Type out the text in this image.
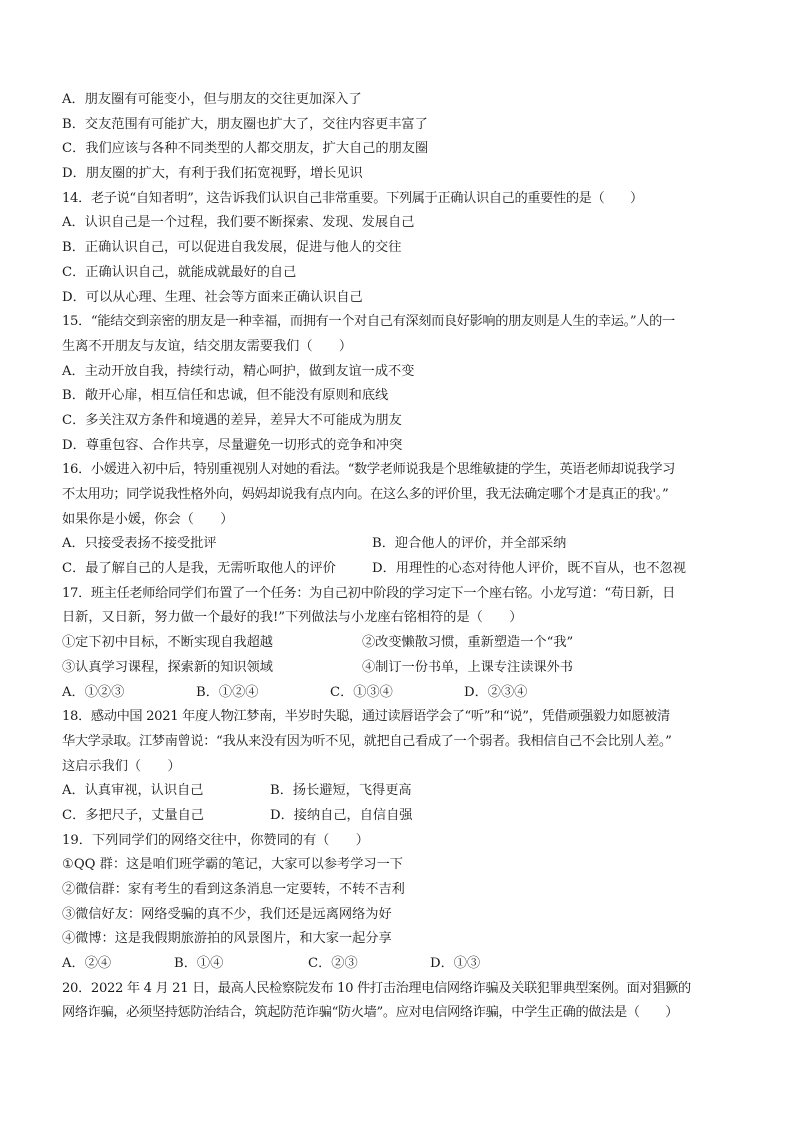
A．朋友圈有可能变小，但与朋友的交往更加深入了
B．交友范围有可能扩大，朋友圈也扩大了，交往内容更丰富了
C．我们应该与各种不同类型的人都交朋友，扩大自己的朋友圈
D．朋友圈的扩大，有利于我们拓宽视野，增长见识
14．老子说“自知者明”，这告诉我们认识自己非常重要。下列属于正确认识自己的重要性的是（　　）
A．认识自己是一个过程，我们要不断探索、发现、发展自己
B．正确认识自己，可以促进自我发展，促进与他人的交往
C．正确认识自己，就能成就最好的自己
D．可以从心理、生理、社会等方面来正确认识自己
15．“能结交到亲密的朋友是一种幸福，而拥有一个对自己有深刻而良好影响的朋友则是人生的幸运。”人的一
生离不开朋友与友谊，结交朋友需要我们（　　）
A．主动开放自我，持续行动，精心呵护，做到友谊一成不变
B．敞开心扉，相互信任和忠诚，但不能没有原则和底线
C．多关注双方条件和境遇的差异，差异大不可能成为朋友
D．尊重包容、合作共享，尽量避免一切形式的竞争和冲突
16．小媛进入初中后，特别重视别人对她的看法。“数学老师说我是个思维敏捷的学生，英语老师却说我学习
不太用功；同学说我性格外向，妈妈却说我有点内向。在这么多的评价里，我无法确定哪个才是真正的我'。”
如果你是小媛，你会（　　）
A．只接受表扬不接受批评	B．迎合他人的评价，并全部采纳
C．最了解自己的人是我，无需听取他人的评价	D．用理性的心态对待他人评价，既不盲从，也不忽视
17．班主任老师给同学们布置了一个任务：为自己初中阶段的学习定下一个座右铭。小龙写道：“苟日新，日
日新，又日新，努力做一个最好的我!”下列做法与小龙座右铭相符的是（　　）
①定下初中目标，不断实现自我超越	②改变懒散习惯，重新塑造一个“我”
③认真学习课程，探索新的知识领域	④制订一份书单，上课专注读课外书
A．①②③	B．①②④	C．①③④	D．②③④
18．感动中国 2021 年度人物江梦南，半岁时失聪，通过读唇语学会了“听”和“说”，凭借顽强毅力如愿被清
华大学录取。江梦南曾说：“我从来没有因为听不见，就把自己看成了一个弱者。我相信自己不会比别人差。”
这启示我们（　　）
A．认真审视，认识自己	B．扬长避短，飞得更高
C．多把尺子，丈量自己	D．接纳自己，自信自强
19．下列同学们的网络交往中，你赞同的有（　　）
①QQ 群：这是咱们班学霸的笔记，大家可以参考学习一下
②微信群：家有考生的看到这条消息一定要转，不转不吉利
③微信好友：网络受骗的真不少，我们还是远离网络为好
④微博：这是我假期旅游拍的风景图片，和大家一起分享
A．②④	B．①④	C．②③	D．①③
20．2022 年 4 月 21 日，最高人民检察院发布 10 件打击治理电信网络诈骗及关联犯罪典型案例。面对猖獗的
网络诈骗，必须坚持惩防治结合，筑起防范诈骗“防火墙”。应对电信网络诈骗，中学生正确的做法是（　　）
